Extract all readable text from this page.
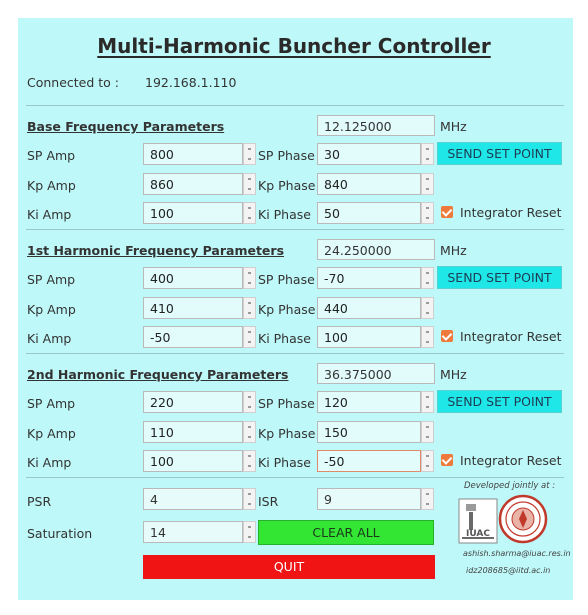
Multi-Harmonic Buncher Controller
Connected to : 192.168.1.110
Base Frequency Parameters	12.125000	MHz
SP Amp	800	SP Phase 30	SEND SET POINT
Kp Amp	860	Kp Phase 840
Ki Amp	100	Ki Phase	50	Integrator Reset
1st Harmonic Frequency Parameters	24.250000	MHz
SP Amp	400	SP Phase -70	SEND SET POINT
Kp Amp	410	Kp Phase 440
Ki Amp	-50	Ki Phase	100	Integrator Reset
2nd Harmonic Frequency Parameters	36.375000	MHz
SP Amp	220	SP Phase 120	SEND SET POINT
Kp Amp	110	Kp Phase 150
Ki Amp	100	Ki Phase	-50	Integrator Reset
PSR	4	ISR	9
Saturation	14	CLEAR ALL
QUIT
Developed jointly at :
IUAC
ashish.sharma@iuac.res.in
idz208685@iitd.ac.in
